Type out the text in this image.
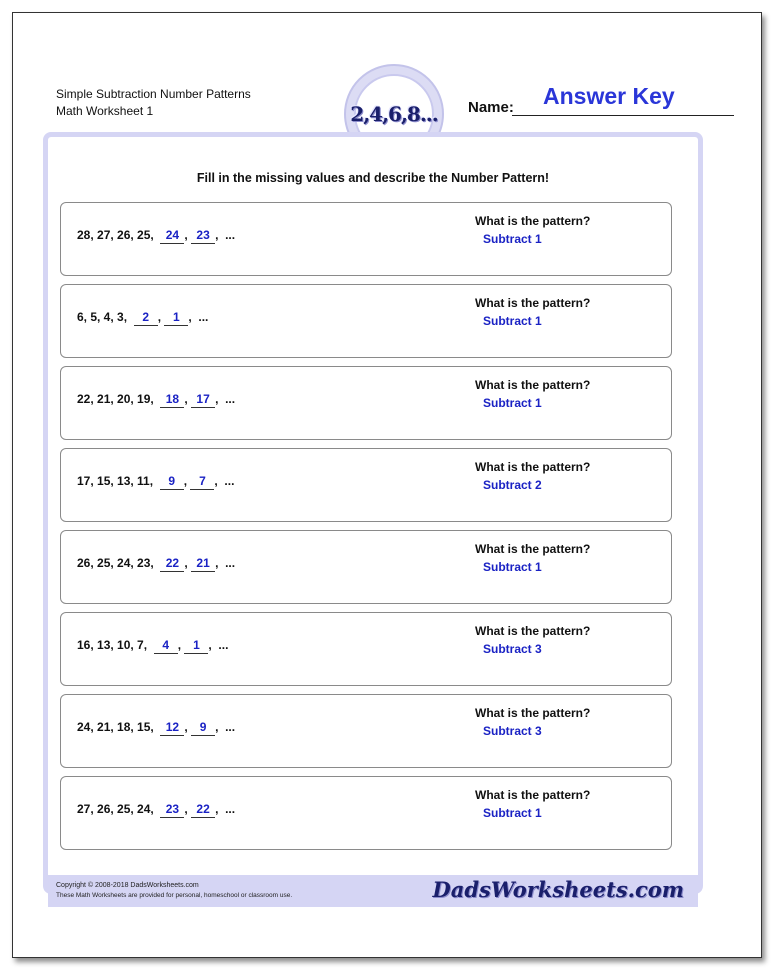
Simple Subtraction Number Patterns
Math Worksheet 1	2,4,6,8... Name: Answer Key
Fill in the missing values and describe the Number Pattern!
28, 27, 26, 25, 24 , 23 ,  ...
What is the pattern?
Subtract 1
6, 5, 4, 3, 2 , 1 ,  ...
What is the pattern?
Subtract 1
22, 21, 20, 19, 18 , 17 ,  ...
What is the pattern?
Subtract 1
17, 15, 13, 11, 9 , 7 ,  ...
What is the pattern?
Subtract 2
26, 25, 24, 23, 22 , 21 ,  ...
What is the pattern?
Subtract 1
16, 13, 10, 7, 4 , 1 ,  ...
What is the pattern?
Subtract 3
24, 21, 18, 15, 12 , 9 ,  ...
What is the pattern?
Subtract 3
27, 26, 25, 24, 23 , 22 ,  ...
What is the pattern?
Subtract 1
Copyright © 2008-2018 DadsWorksheets.com
These Math Worksheets are provided for personal, homeschool or classroom use.	DadsWorksheets.com
